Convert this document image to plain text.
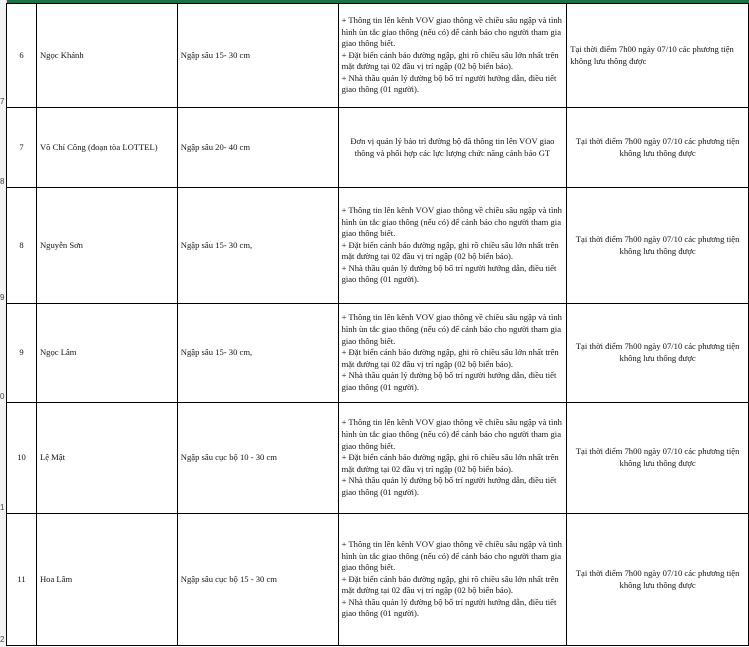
7
8
9
0
1
2
6	Ngọc Khánh	Ngập sâu 15- 30 cm	+ Thông tin lên kênh VOV giao thông về chiều sâu ngập và tình hình ùn tắc giao thông (nếu có) để cảnh báo cho người tham gia giao thông biết.
+ Đặt biển cảnh báo đường ngập, ghi rõ chiều sâu lớn nhất trên mặt đường tại 02 đầu vị trí ngập (02 bộ biển báo).
+ Nhà thầu quản lý đường bộ bố trí người hướng dẫn, điều tiết giao thông (01 người).	Tại thời điểm 7h00 ngày 07/10 các phương tiện không lưu thông được
7	Võ Chí Công (đoạn tòa LOTTEL)	Ngập sâu 20- 40 cm	Đơn vị quản lý bảo trì đường bộ đã thông tin lên VOV giao thông và phối hợp các lực lượng chức năng cảnh báo GT	Tại thời điểm 7h00 ngày 07/10 các phương tiện không lưu thông được
8	Nguyễn Sơn	Ngập sâu 15- 30 cm,	+ Thông tin lên kênh VOV giao thông về chiều sâu ngập và tình hình ùn tắc giao thông (nếu có) để cảnh báo cho người tham gia giao thông biết.
+ Đặt biển cảnh báo đường ngập, ghi rõ chiều sâu lớn nhất trên mặt đường tại 02 đầu vị trí ngập (02 bộ biển báo).
+ Nhà thầu quản lý đường bộ bố trí người hướng dẫn, điều tiết giao thông (01 người).	Tại thời điểm 7h00 ngày 07/10 các phương tiện không lưu thông được
9	Ngọc Lâm	Ngập sâu 15- 30 cm,	+ Thông tin lên kênh VOV giao thông về chiều sâu ngập và tình hình ùn tắc giao thông (nếu có) để cảnh báo cho người tham gia giao thông biết.
+ Đặt biển cảnh báo đường ngập, ghi rõ chiều sâu lớn nhất trên mặt đường tại 02 đầu vị trí ngập (02 bộ biển báo).
+ Nhà thầu quản lý đường bộ bố trí người hướng dẫn, điều tiết giao thông (01 người).	Tại thời điểm 7h00 ngày 07/10 các phương tiện không lưu thông được
10	Lệ Mật	Ngập sâu cục bộ 10 - 30 cm	+ Thông tin lên kênh VOV giao thông về chiều sâu ngập và tình hình ùn tắc giao thông (nếu có) để cảnh báo cho người tham gia giao thông biết.
+ Đặt biển cảnh báo đường ngập, ghi rõ chiều sâu lớn nhất trên mặt đường tại 02 đầu vị trí ngập (02 bộ biển báo).
+ Nhà thầu quản lý đường bộ bố trí người hướng dẫn, điều tiết giao thông (01 người).	Tại thời điểm 7h00 ngày 07/10 các phương tiện không lưu thông được
11	Hoa Lâm	Ngập sâu cục bộ 15 - 30 cm	+ Thông tin lên kênh VOV giao thông về chiều sâu ngập và tình hình ùn tắc giao thông (nếu có) để cảnh báo cho người tham gia giao thông biết.
+ Đặt biển cảnh báo đường ngập, ghi rõ chiều sâu lớn nhất trên mặt đường tại 02 đầu vị trí ngập (02 bộ biển báo).
+ Nhà thầu quản lý đường bộ bố trí người hướng dẫn, điều tiết giao thông (01 người).	Tại thời điểm 7h00 ngày 07/10 các phương tiện không lưu thông được
